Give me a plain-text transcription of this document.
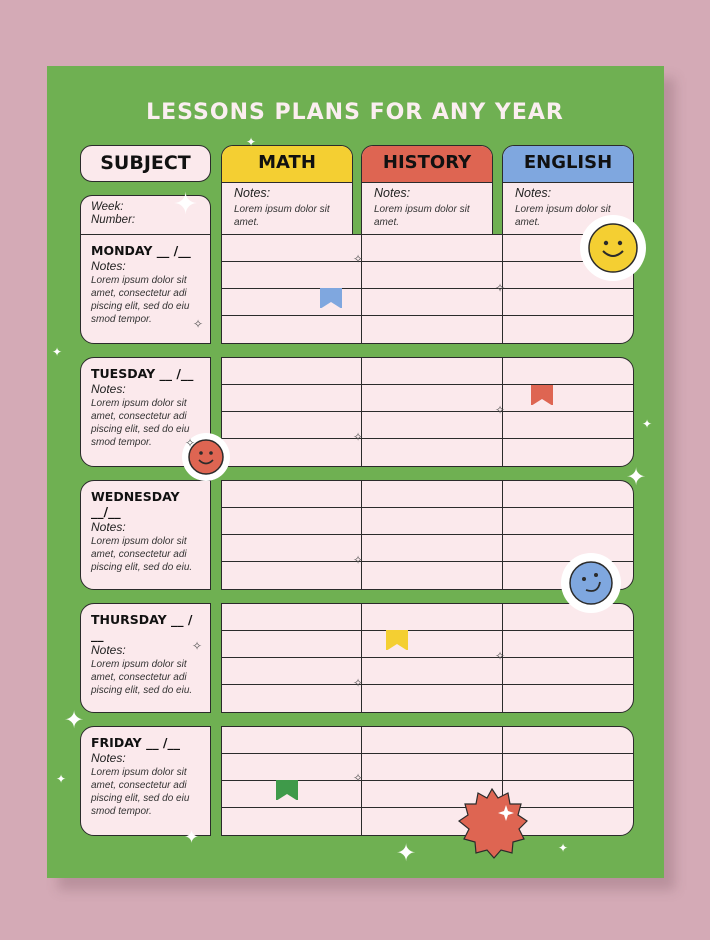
LESSONS PLANS FOR ANY YEAR
SUBJECT
Week:
Number:
MATH
Notes:
Lorem ipsum dolor sit amet.
HISTORY
Notes:
Lorem ipsum dolor sit amet.
ENGLISH
Notes:
Lorem ipsum dolor sit amet.
MONDAY __ /__
Notes:
Lorem ipsum dolor sit amet, consectetur adi piscing elit, sed do eiu smod tempor.
TUESDAY __ /__
Notes:
Lorem ipsum dolor sit amet, consectetur adi piscing elit, sed do eiu smod tempor.
WEDNESDAY __/__
Notes:
Lorem ipsum dolor sit amet, consectetur adi piscing elit, sed do eiu.
THURSDAY __ / __
Notes:
Lorem ipsum dolor sit amet, consectetur adi piscing elit, sed do eiu.
FRIDAY __ /__
Notes:
Lorem ipsum dolor sit amet, consectetur adi piscing elit, sed do eiu smod tempor.
✦
✦
✦
✦
✦
✦
✦
✦
✦
✦
✧
✧
✧
✧
✧
✧
✧
✧
✧
✧
✧
